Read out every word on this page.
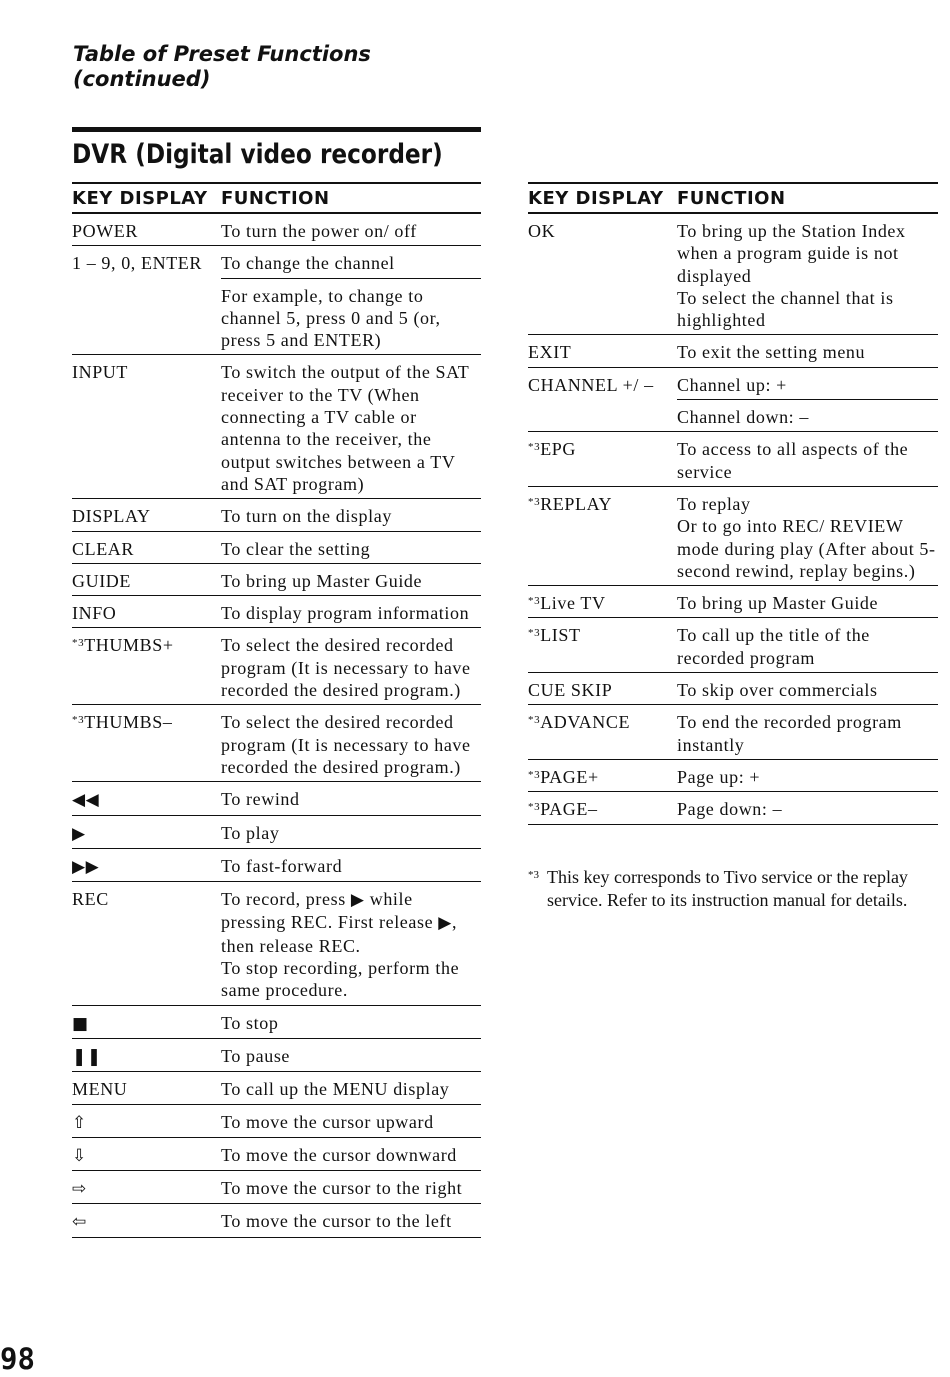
Table of Preset Functions
(continued)
DVR (Digital video recorder)
KEY DISPLAY	FUNCTION
POWER	To turn the power on/ off
1 – 9, 0, ENTER	To change the channel
	For example, to change to channel 5, press 0 and 5 (or, press 5 and ENTER)
INPUT	To switch the output of the SAT receiver to the TV (When connecting a TV cable or antenna to the receiver, the output switches between a TV and SAT program)
DISPLAY	To turn on the display
CLEAR	To clear the setting
GUIDE	To bring up Master Guide
INFO	To display program information
$^{*3}$THUMBS+	To select the desired recorded program (It is necessary to have recorded the desired program.)
$^{*3}$THUMBS–	To select the desired recorded program (It is necessary to have recorded the desired program.)
◀◀	To rewind
▶	To play
▶▶	To fast-forward
REC	To record, press ▶ while pressing REC. First release ▶, then release REC.
To stop recording, perform the same procedure.
■	To stop
❚❚	To pause
MENU	To call up the MENU display
⇧	To move the cursor upward
⇩	To move the cursor downward
⇨	To move the cursor to the right
⇦	To move the cursor to the left
KEY DISPLAY	FUNCTION
OK	To bring up the Station Index when a program guide is not displayed
To select the channel that is highlighted
EXIT	To exit the setting menu
CHANNEL +/ –	Channel up: +
	Channel down: –
$^{*3}$EPG	To access to all aspects of the service
$^{*3}$REPLAY	To replay
Or to go into REC/ REVIEW mode during play (After about 5-second rewind, replay begins.)
$^{*3}$Live TV	To bring up Master Guide
$^{*3}$LIST	To call up the title of the recorded program
CUE SKIP	To skip over commercials
$^{*3}$ADVANCE	To end the recorded program instantly
$^{*3}$PAGE+	Page up: +
$^{*3}$PAGE–	Page down: –
$^{*3}$ This key corresponds to Tivo service or the replay service. Refer to its instruction manual for details.
98
